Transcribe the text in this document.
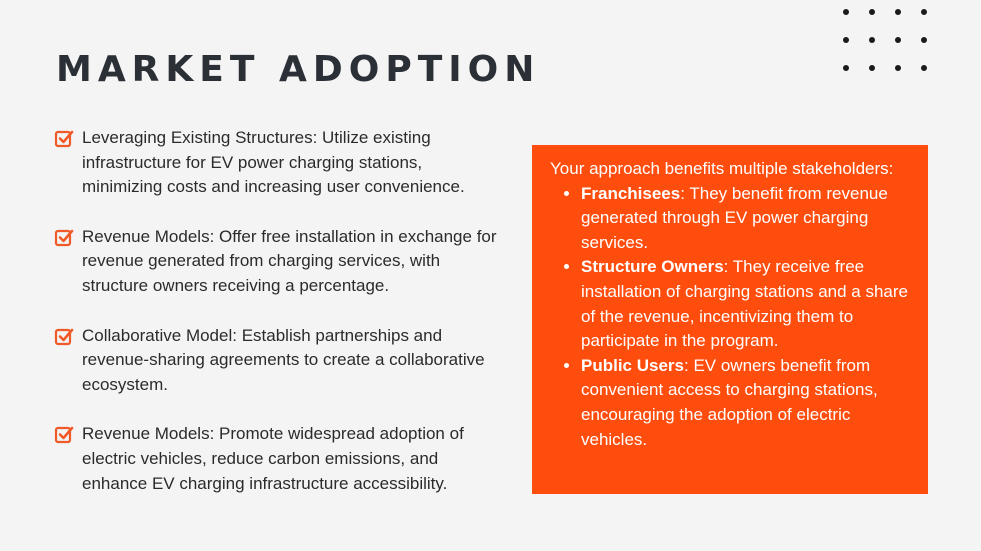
MARKET ADOPTION
Leveraging Existing Structures: Utilize existing infrastructure for EV power charging stations, minimizing costs and increasing user convenience.
Revenue Models: Offer free installation in exchange for revenue generated from charging services, with structure owners receiving a percentage.
Collaborative Model: Establish partnerships and revenue-sharing agreements to create a collaborative ecosystem.
Revenue Models: Promote widespread adoption of electric vehicles, reduce carbon emissions, and enhance EV charging infrastructure accessibility.

Your approach benefits multiple stakeholders:

• Franchisees: They benefit from revenue generated through EV power charging services.
• Structure Owners: They receive free installation of charging stations and a share of the revenue, incentivizing them to participate in the program.
• Public Users: EV owners benefit from convenient access to charging stations, encouraging the adoption of electric vehicles.
